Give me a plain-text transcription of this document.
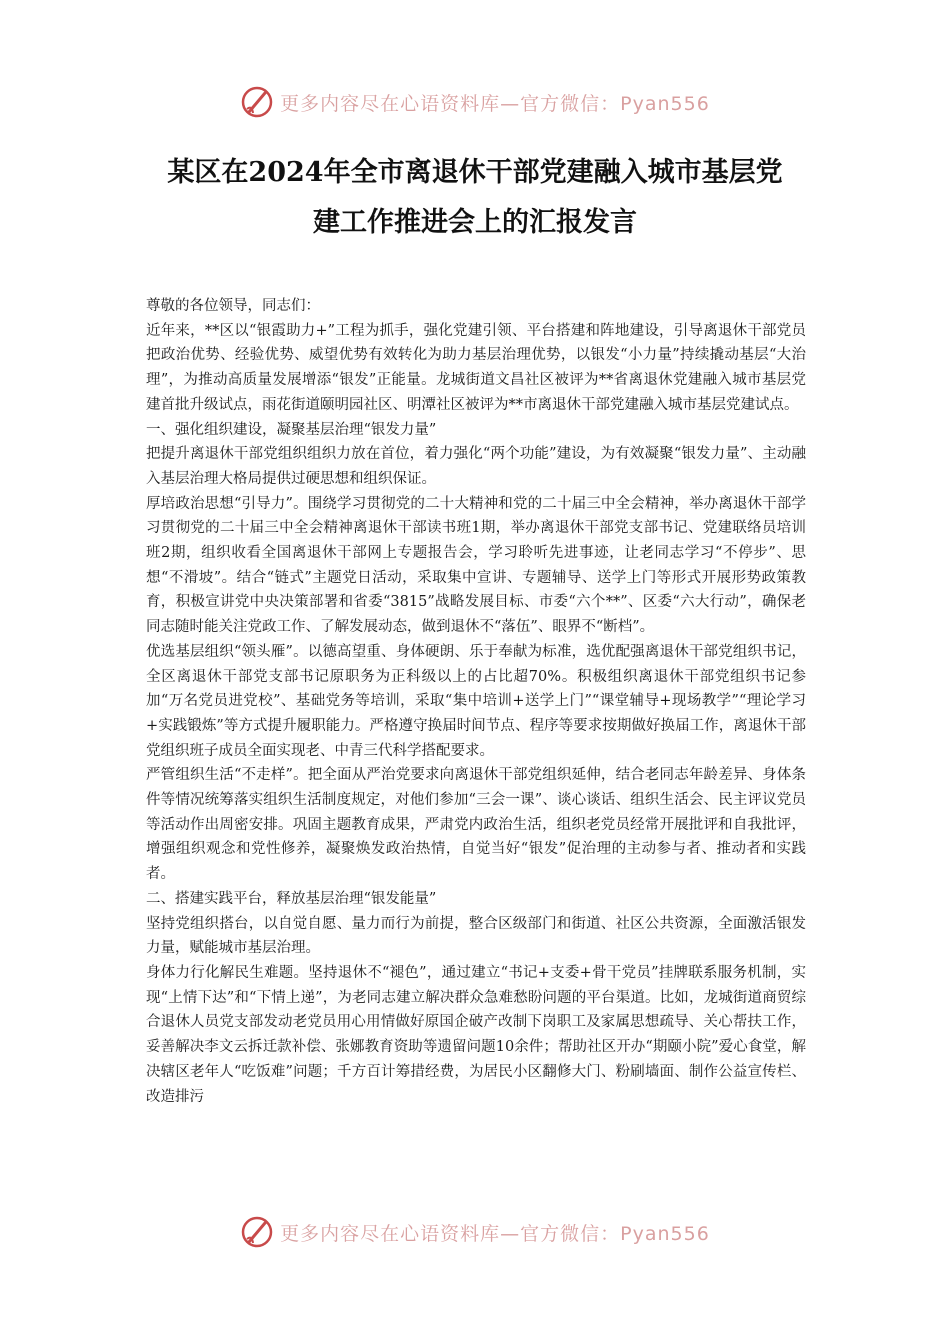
更多内容尽在心语资料库—官方微信：Pyan556
某区在2024年全市离退休干部党建融入城市基层党
建工作推进会上的汇报发言

尊敬的各位领导，同志们：

近年来，**区以“银霞助力+”工程为抓手，强化党建引领、平台搭建和阵地建设，引导离退休干部党员把政治优势、经验优势、威望优势有效转化为助力基层治理优势，以银发“小力量”持续撬动基层“大治理”，为推动高质量发展增添“银发”正能量。龙城街道文昌社区被评为**省离退休党建融入城市基层党建首批升级试点，雨花街道颐明园社区、明潭社区被评为**市离退休干部党建融入城市基层党建试点。

一、强化组织建设，凝聚基层治理“银发力量”

把提升离退休干部党组织组织力放在首位，着力强化“两个功能”建设，为有效凝聚“银发力量”、主动融入基层治理大格局提供过硬思想和组织保证。

厚培政治思想“引导力”。围绕学习贯彻党的二十大精神和党的二十届三中全会精神，举办离退休干部学习贯彻党的二十届三中全会精神离退休干部读书班1期，举办离退休干部党支部书记、党建联络员培训班2期，组织收看全国离退休干部网上专题报告会，学习聆听先进事迹，让老同志学习“不停步”、思想“不滑坡”。结合“链式”主题党日活动，采取集中宣讲、专题辅导、送学上门等形式开展形势政策教育，积极宣讲党中央决策部署和省委“3815”战略发展目标、市委“六个**”、区委“六大行动”，确保老同志随时能关注党政工作、了解发展动态，做到退休不“落伍”、眼界不“断档”。

优选基层组织“领头雁”。以德高望重、身体硬朗、乐于奉献为标准，选优配强离退休干部党组织书记，全区离退休干部党支部书记原职务为正科级以上的占比超70%。积极组织离退休干部党组织书记参加“万名党员进党校”、基础党务等培训，采取“集中培训+送学上门”“课堂辅导+现场教学”“理论学习+实践锻炼”等方式提升履职能力。严格遵守换届时间节点、程序等要求按期做好换届工作，离退休干部党组织班子成员全面实现老、中青三代科学搭配要求。

严管组织生活“不走样”。把全面从严治党要求向离退休干部党组织延伸，结合老同志年龄差异、身体条件等情况统筹落实组织生活制度规定，对他们参加“三会一课”、谈心谈话、组织生活会、民主评议党员等活动作出周密安排。巩固主题教育成果，严肃党内政治生活，组织老党员经常开展批评和自我批评，增强组织观念和党性修养，凝聚焕发政治热情，自觉当好“银发”促治理的主动参与者、推动者和实践者。

二、搭建实践平台，释放基层治理“银发能量”

坚持党组织搭台，以自觉自愿、量力而行为前提，整合区级部门和街道、社区公共资源，全面激活银发力量，赋能城市基层治理。

身体力行化解民生难题。坚持退休不“褪色”，通过建立“书记+支委+骨干党员”挂牌联系服务机制，实现“上情下达”和“下情上递”，为老同志建立解决群众急难愁盼问题的平台渠道。比如，龙城街道商贸综合退休人员党支部发动老党员用心用情做好原国企破产改制下岗职工及家属思想疏导、关心帮扶工作，妥善解决李文云拆迁款补偿、张娜教育资助等遗留问题10余件；帮助社区开办“期颐小院”爱心食堂，解决辖区老年人“吃饭难”问题；千方百计筹措经费，为居民小区翻修大门、粉刷墙面、制作公益宣传栏、改造排污

更多内容尽在心语资料库—官方微信：Pyan556
